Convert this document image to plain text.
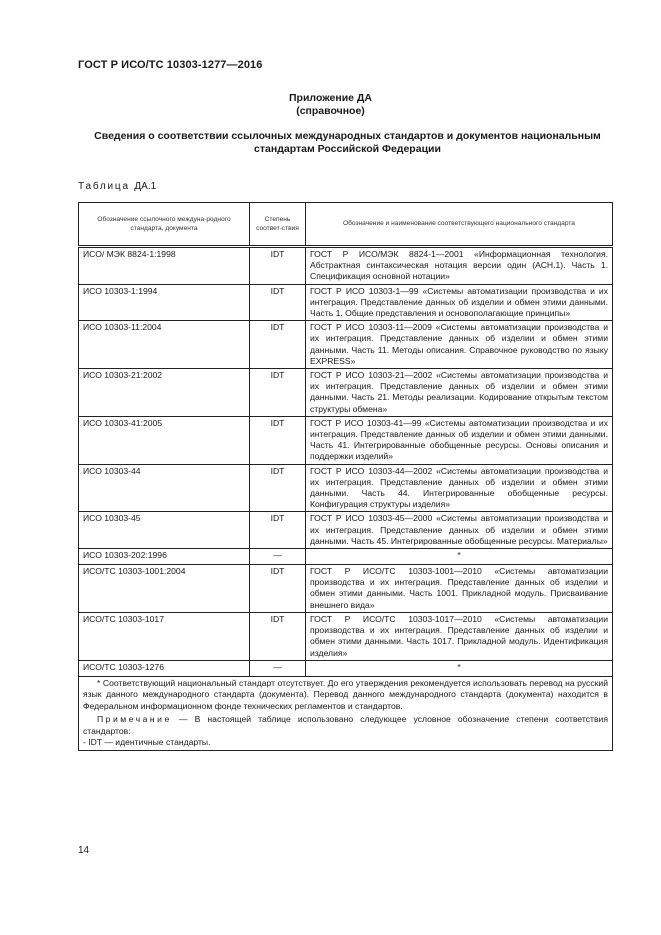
ГОСТ Р ИСО/ТС 10303-1277—2016
Приложение ДА
(справочное)
Сведения о соответствии ссылочных международных стандартов и документов национальным стандартам Российской Федерации
Таблица ДА.1
Обозначение ссылочного междуна-родного стандарта, документа	Степень соответ-ствия	Обозначение и наименование соответствующего национального стандарта
ИСО/ МЭК 8824-1:1998	IDT	ГОСТ Р ИСО/МЭК 8824-1—2001 «Информационная технология. Абстрактная синтаксическая нотация версии один (АСН.1). Часть 1. Спецификация основной нотации»
ИСО 10303-1:1994	IDT	ГОСТ Р ИСО 10303-1—99 «Системы автоматизации производства и их интеграция. Представление данных об изделии и обмен этими данными. Часть 1. Общие представления и основополагающие принципы»
ИСО 10303-11:2004	IDT	ГОСТ Р ИСО 10303-11—2009 «Системы автоматизации производства и их интеграция. Представление данных об изделии и обмен этими данными. Часть 11. Методы описания. Справочное руководство по языку EXPRESS»
ИСО 10303-21:2002	IDT	ГОСТ Р ИСО 10303-21—2002 «Системы автоматизации производства и их интеграция. Представление данных об изделии и обмен этими данными. Часть 21. Методы реализации. Кодирование открытым текстом структуры обмена»
ИСО 10303-41:2005	IDT	ГОСТ Р ИСО 10303-41—99 «Системы автоматизации производства и их интеграция. Представление данных об изделии и обмен этими данными. Часть 41. Интегрированные обобщенные ресурсы. Основы описания и поддержки изделий»
ИСО 10303-44	IDT	ГОСТ Р ИСО 10303-44—2002 «Системы автоматизации производства и их интеграция. Представление данных об изделии и обмен этими данными. Часть 44. Интегрированные обобщенные ресурсы. Конфигурация структуры изделия»
ИСО 10303-45	IDT	ГОСТ Р ИСО 10303-45—2000 «Системы автоматизации производства и их интеграция. Представление данных об изделии и обмен этими данными. Часть 45. Интегрированные обобщенные ресурсы. Материалы»
ИСО 10303-202:1996	—	*
ИСО/ТС 10303-1001:2004	IDT	ГОСТ Р ИСО/ТС 10303-1001—2010 «Системы автоматизации производства и их интеграция. Представление данных об изделии и обмен этими данными. Часть 1001. Прикладной модуль. Присваивание внешнего вида»
ИСО/ТС 10303-1017	IDT	ГОСТ Р ИСО/ТС 10303-1017—2010 «Системы автоматизации производства и их интеграция. Представление данных об изделии и обмен этими данными. Часть 1017. Прикладной модуль. Идентификация изделия»
ИСО/ТС 10303-1276	—	*

* Соответствующий национальный стандарт отсутствует. До его утверждения рекомендуется использовать перевод на русский язык данного международного стандарта (документа). Перевод данного международного стандарта (документа) находится в Федеральном информационном фонде технических регламентов и стандартов.

Примечание — В настоящей таблице использовано следующее условное обозначение степени соответствия стандартов:

- IDT — идентичные стандарты.		

14
